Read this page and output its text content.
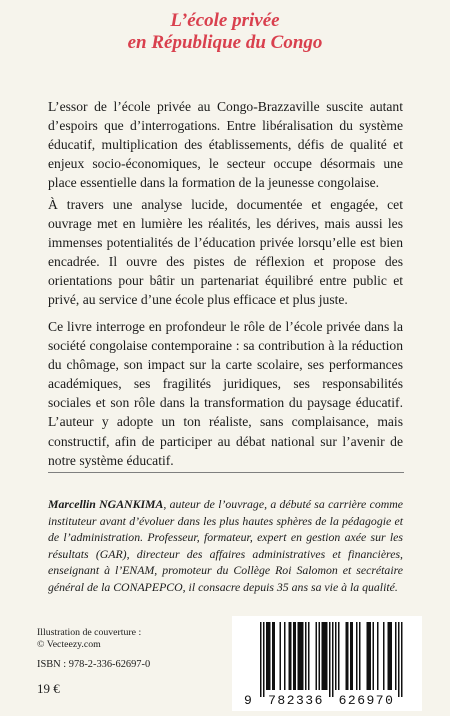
L’école privée
en République du Congo

L’essor de l’école privée au Congo-Brazzaville suscite autant d’espoirs que d’interrogations. Entre libéralisation du système éducatif, multiplication des établissements, défis de qualité et enjeux socio-économiques, le secteur occupe désormais une place essentielle dans la formation de la jeunesse congolaise.

À travers une analyse lucide, documentée et engagée, cet ouvrage met en lumière les réalités, les dérives, mais aussi les immenses potentialités de l’éducation privée lorsqu’elle est bien encadrée. Il ouvre des pistes de réflexion et propose des orientations pour bâtir un partenariat équilibré entre public et privé, au service d’une école plus efficace et plus juste.

Ce livre interroge en profondeur le rôle de l’école privée dans la société congolaise contemporaine : sa contribution à la réduction du chômage, son impact sur la carte scolaire, ses performances académiques, ses fragilités juridiques, ses responsabilités sociales et son rôle dans la transformation du paysage éducatif. L’auteur y adopte un ton réaliste, sans complaisance, mais constructif, afin de participer au débat national sur l’avenir de notre système éducatif.

Marcellin NGANKIMA, auteur de l’ouvrage, a débuté sa carrière comme instituteur avant d’évoluer dans les plus hautes sphères de la pédagogie et de l’administration. Professeur, formateur, expert en gestion axée sur les résultats (GAR), directeur des affaires administratives et financières, enseignant à l’ENAM, promoteur du Collège Roi Salomon et secrétaire général de la CONAPEPCO, il consacre depuis 35 ans sa vie à la qualité.

Illustration de couverture :
© Vecteezy.com
ISBN : 978-2-336-62697-0
19 €
9 782336 626970
